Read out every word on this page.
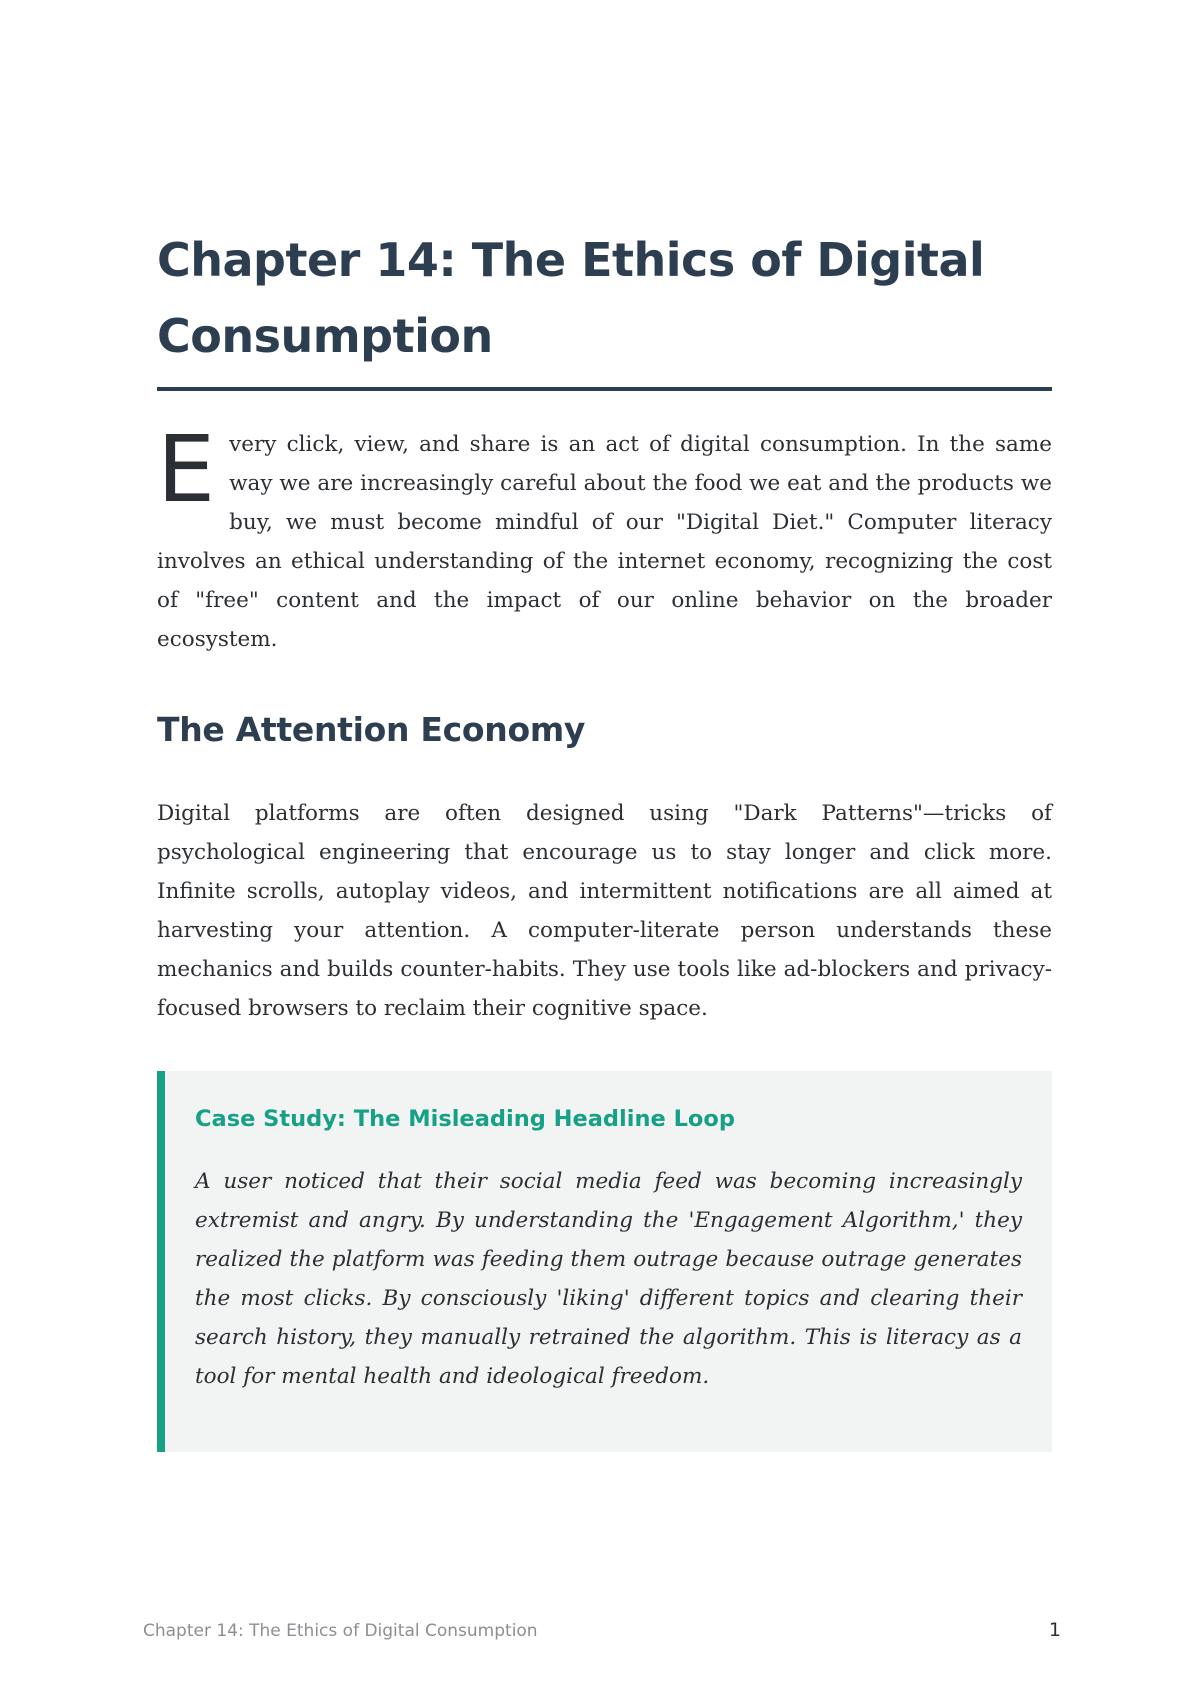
Chapter 14: The Ethics of Digital Consumption

Every click, view, and share is an act of digital consumption. In the same way we are increasingly careful about the food we eat and the products we buy, we must become mindful of our "Digital Diet." Computer literacy involves an ethical understanding of the internet economy, recognizing the cost of "free" content and the impact of our online behavior on the broader ecosystem.

The Attention Economy

Digital platforms are often designed using "Dark Patterns"—tricks of psychological engineering that encourage us to stay longer and click more. Infinite scrolls, autoplay videos, and intermittent notifications are all aimed at harvesting your attention. A computer-literate person understands these mechanics and builds counter-habits. They use tools like ad-blockers and privacy-focused browsers to reclaim their cognitive space.

Case Study: The Misleading Headline Loop

A user noticed that their social media feed was becoming increasingly extremist and angry. By understanding the 'Engagement Algorithm,' they realized the platform was feeding them outrage because outrage generates the most clicks. By consciously 'liking' different topics and clearing their search history, they manually retrained the algorithm. This is literacy as a tool for mental health and ideological freedom.

Chapter 14: The Ethics of Digital Consumption	1
